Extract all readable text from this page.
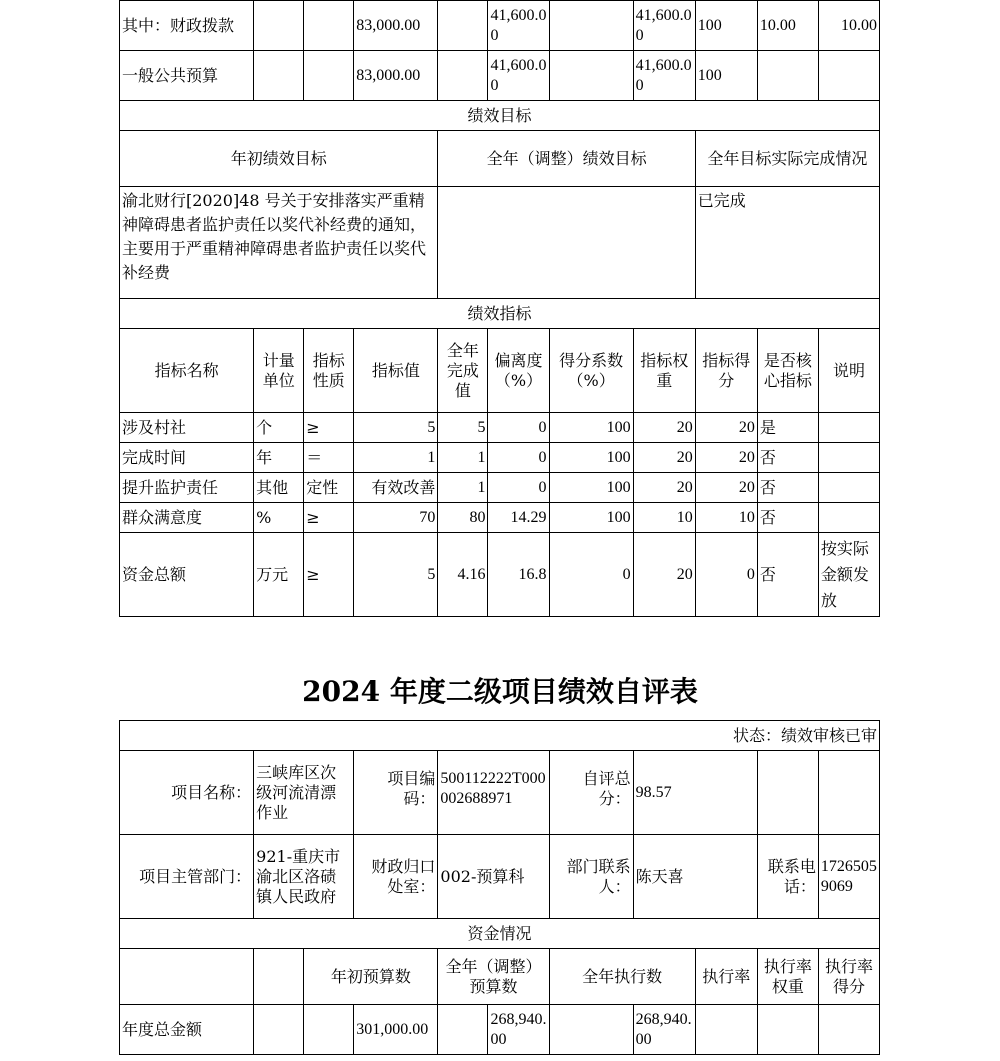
其中：财政拨款			83,000.00		41,600.00		41,600.00	100	10.00	10.00
一般公共预算			83,000.00		41,600.00		41,600.00	100		
绩效目标										
年初绩效目标				全年（调整）绩效目标				全年目标实际完成情况		
渝北财行[2020]48 号关于安排落实严重精神障碍患者监护责任以奖代补经费的通知，主要用于严重精神障碍患者监护责任以奖代补经费								已完成		
绩效指标										
指标名称	计量单位	指标性质	指标值	全年完成值	偏离度（%）	得分系数（%）	指标权重	指标得分	是否核心指标	说明
涉及村社	个	≥	5	5	0	100	20	20	是	
完成时间	年	＝	1	1	0	100	20	20	否	
提升监护责任	其他	定性	有效改善	1	0	100	20	20	否	
群众满意度	%	≥	70	80	14.29	100	10	10	否	
资金总额	万元	≥	5	4.16	16.8	0	20	0	否	按实际金额发放
2024 年度二级项目绩效自评表
状态：绩效审核已审										
项目名称：	三峡库区次级河流清漂作业		项目编码：	500112222T000002688971		自评总分：	98.57			
项目主管部门：	921-重庆市渝北区洛碛镇人民政府		财政归口处室：	002-预算科		部门联系人：	陈天喜		联系电话：	17265059069
资金情况										
		年初预算数		全年（调整）预算数		全年执行数		执行率	执行率权重	执行率得分
年度总金额			301,000.00		268,940.00		268,940.00			
